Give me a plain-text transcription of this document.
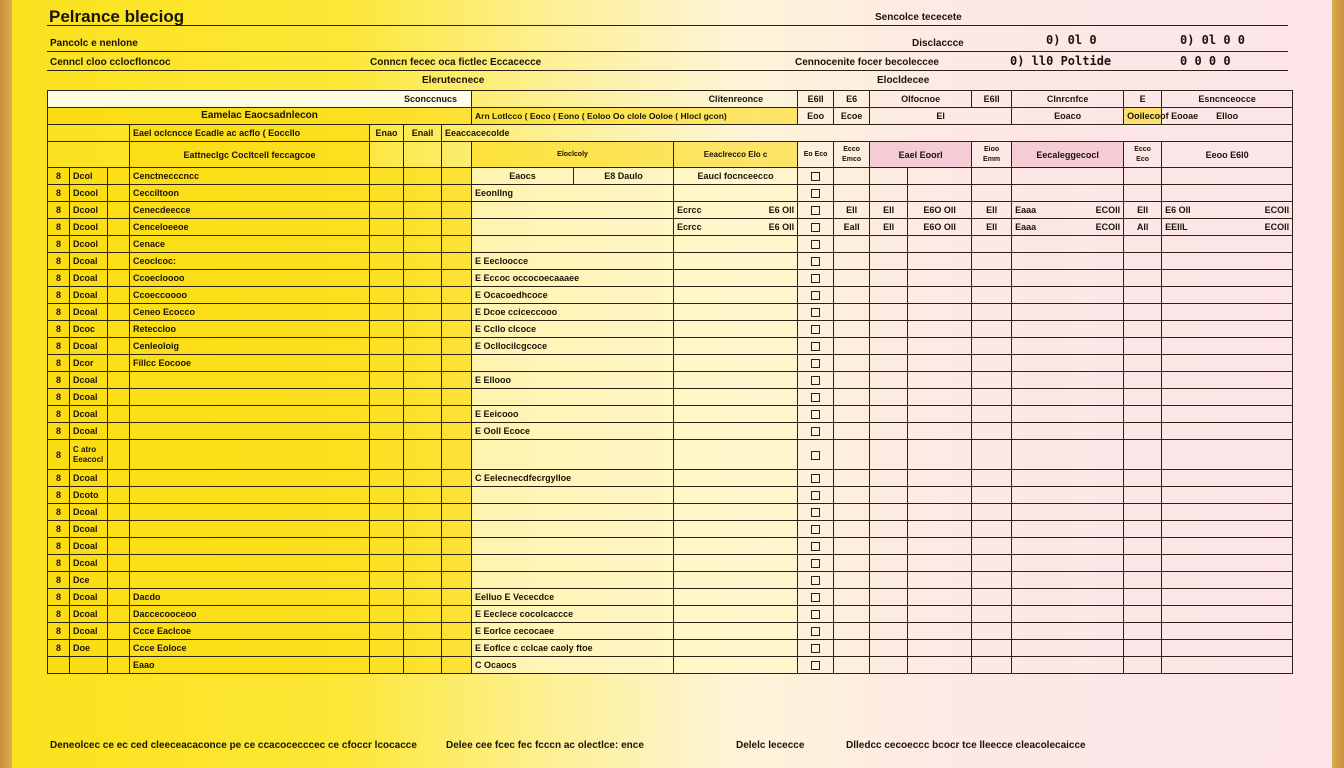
Pelrance bleciog	Sencolce tececete
Pancolc e nenlone	Disclaccce	0) 0l 0	0) 0l 0 0
Cenncl cloo cclocfloncoc	Conncn fecec oca fictlec Eccacecce	Cennocenite focer becoleccee	0) ll0 Poltide	0 0 0 0
Elerutecnece	Elocldecee
Sconccnucs							Clitenreonce			E6ll	E6	Olfocnoe		E6ll	Clnrcnfce	E	Esncnceocce	
Eamelac Eaocsadnlecon							Arn Lotlcco ( Eoco ( Eono ( Eoloo Oo clole Ooloe ( Hlocl gcon)			Eoo	Ecoe	El			Eoaco	Ooilecoof Eooae	Elloo	
			Eael oclcncce Ecadle ac acflo ( Eoccllo	Enao	Enail	Eeaccacecolde												
			Eattneclgc Cocltcell feccagcoe				Eloclcoly		Eeaclrecco Elo c	Eo Eco	Ecco Emco	Eael Eoorl		Eioo Emm	Eecaleggecocl	Ecco Eco	Eeoo E6l0	
8	Dcol		Cenctnecccncc				Eaocs	E8 Daulo	Eaucl focnceecco									
8	Dcool		Cecciltoon				Eeonllng											
8	Dcool		Cenecdeecce						Ecrcc E6 Oll		Ell	Ell	E6O Oll	Ell	Eaaa ECOll	Ell	E6 Oll ECOll	

8	Dcool		Cenceloeeoe						Ecrcc E6 Oll		Eall	Ell	E6O Oll	Ell	Eaaa ECOll	All	EEllL ECOll	

8	Dcool		Cenace															
8	Dcoal		Ceoclcoc:				E Eecloocce											
8	Dcoal		Ccoecloooo				E Eccoc occocoecaaaee											
8	Dcoal		Ccoeccoooo				E Ocacoedhcoce											
8	Dcoal		Ceneo Ecocco				E Dcoe cciceccooo											
8	Dcoc		Reteccloo				E Ccllo clcoce											
8	Dcoal		Cenleoloig				E Ocllocilcgcoce											
8	Dcor		Fillcc Eocooe															
8	Dcoal						E Ellooo											
8	Dcoal																	
8	Dcoal						E Eeicooo											
8	Dcoal						E Ooll Ecoce											
8	C atro Eeacocl																	
8	Dcoal						C Eelecnecdfecrgylloe											
8	Dcoto																	
8	Dcoal																	
8	Dcoal																	
8	Dcoal																	
8	Dcoal																	
8	Dce																	
8	Dcoal		Dacdo				Eelluo E Vececdce											
8	Dcoal		Daccecooceoo				E Eeclece cocolcaccce											
8	Dcoal		Ccce Eaclcoe				E Eorlce cecocaee											
8	Doe		Ccce Eoloce				E Eoflce c cclcae caoly ftoe											
			Eaao				C Ocaocs											
Deneolcec ce ec ced cleeceacaconce pe ce ccacocecccec ce cfoccr lcocacce	Delee cee fcec fec fcccn ac olectlce: ence	Delelc lececce	Dlledcc cecoeccc bcocr tce lleecce cleacolecaicce
